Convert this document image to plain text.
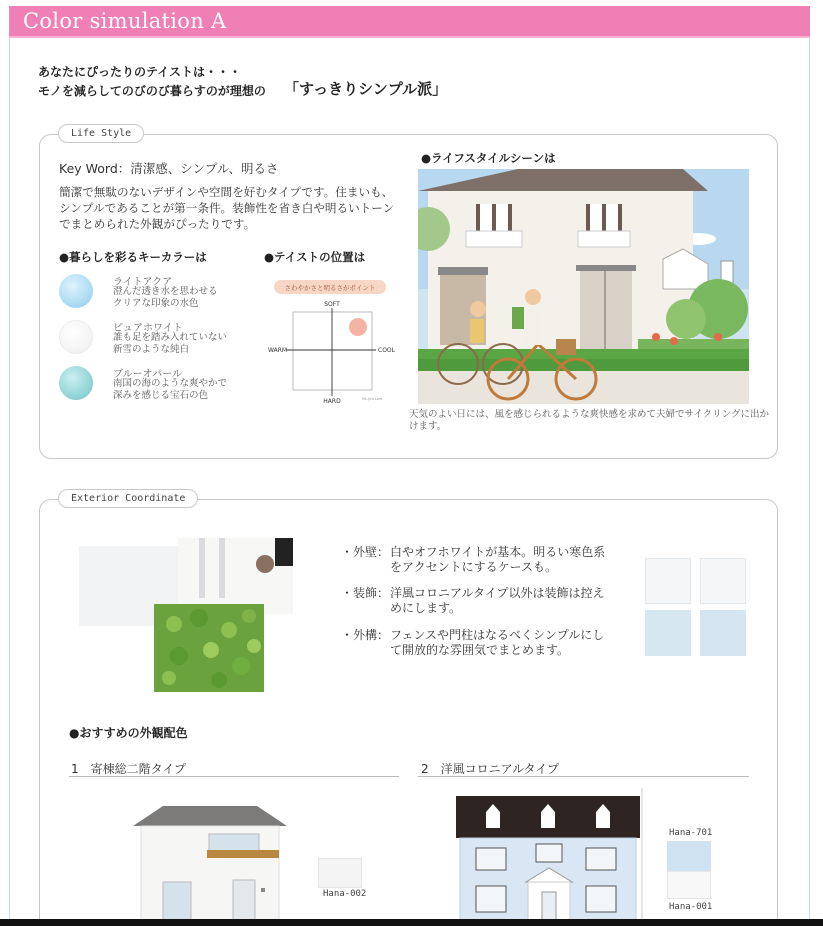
Color simulation A
あなたにぴったりのテイストは・・・
モノを減らしてのびのび暮らすのが理想の 「すっきりシンプル派」
Life Style
Key Word：清潔感、シンプル、明るさ
簡潔で無駄のないデザインや空間を好むタイプです。住まいも、シンプルであることが第一条件。装飾性を省き白や明るいトーンでまとめられた外観がぴったりです。
●暮らしを彩るキーカラーは
ライトアクア
澄んだ透き水を思わせる
クリアな印象の水色
ピュアホワイト
誰も足を踏み入れていない
新雪のような純白
ブルーオパール
南国の海のような爽やかで
深みを感じる宝石の色
●テイストの位置は
さわやかさと明るさがポイント
SOFT
HARD
WARM	COOL
NS-Jiro Lore
●ライフスタイルシーンは
天気のよい日には、風を感じられるような爽快感を求めて夫婦でサイクリングに出かけます。
Exterior Coordinate
・外壁： 白やオフホワイトが基本。明るい寒色系をアクセントにするケースも。
・装飾： 洋風コロニアルタイプ以外は装飾は控えめにします。
・外構： フェンスや門柱はなるべくシンプルにして開放的な雰囲気でまとめます。
●おすすめの外観配色
1　寄棟総二階タイプ	2　洋風コロニアルタイプ
Hana-002
Hana-701
Hana-001
